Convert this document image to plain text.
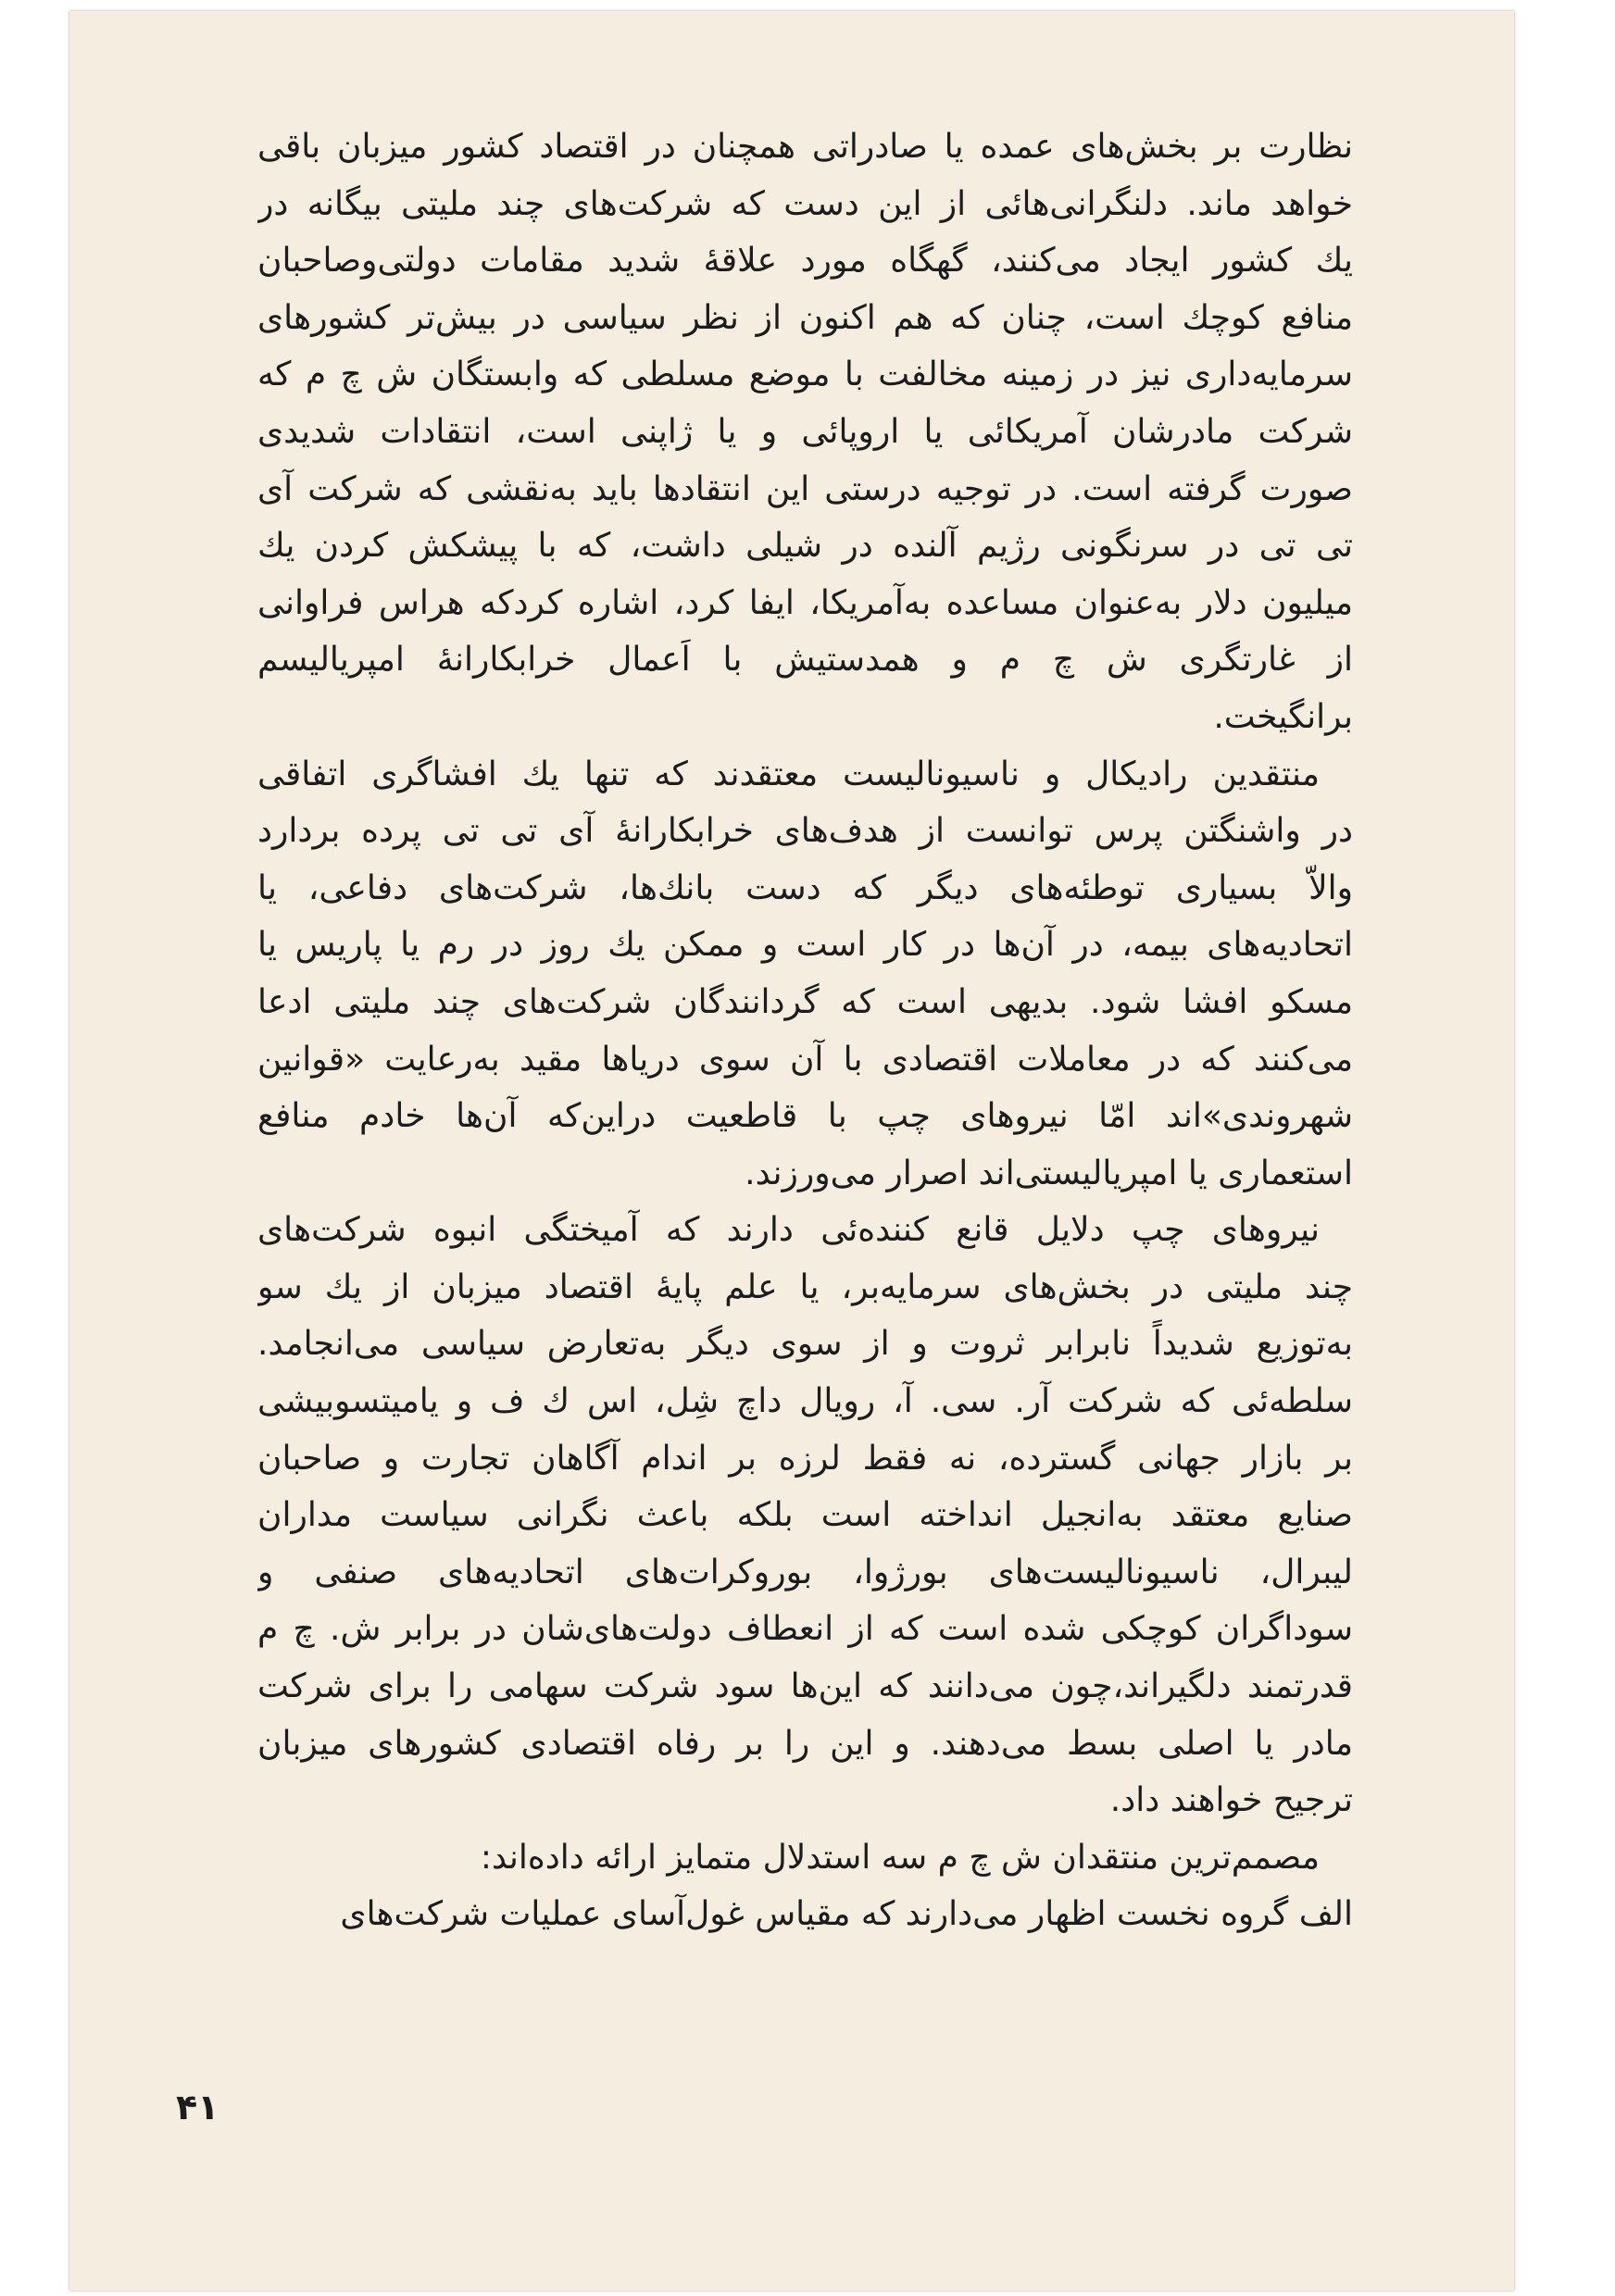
نظارت بر بخش‌های عمده یا صادراتی همچنان در اقتصاد کشور میزبان باقی
خواهد ماند. دلنگرانی‌هائی از این دست که شرکت‌های چند ملیتی بیگانه در
یك کشور ایجاد می‌کنند، گهگاه مورد علاقهٔ شدید مقامات دولتی‌وصاحبان
منافع کوچك است، چنان که هم اکنون از نظر سیاسی در بیش‌تر کشورهای
سرمایه‌داری نیز در زمینه مخالفت با موضع مسلطی که وابستگان ش چ م که
شرکت مادرشان آمریکائی یا اروپائی و یا ژاپنی است، انتقادات شدیدی
صورت گرفته است. در توجیه درستی این انتقادها باید به‌نقشی که شرکت آی
تی تی در سرنگونی رژیم آلنده در شیلی داشت، که با پیشکش کردن یك
میلیون دلار به‌عنوان مساعده به‌آمریکا، ایفا کرد، اشاره کردکه هراس فراوانی
از غارتگری ش چ م و همدستیش با اَعمال خرابکارانهٔ امپریالیسم
برانگیخت.
منتقدین رادیکال و ناسیونالیست معتقدند که تنها یك افشاگری اتفاقی
در واشنگتن پرس توانست از هدف‌های خرابکارانهٔ آی تی تی پرده بردارد
والاّ بسیاری توطئه‌های دیگر که دست بانك‌ها، شرکت‌های دفاعی، یا
اتحادیه‌های بیمه، در آن‌ها در کار است و ممکن یك روز در رم یا پاریس یا
مسکو افشا شود. بدیهی است که گردانندگان شرکت‌های چند ملیتی ادعا
می‌کنند که در معاملات اقتصادی با آن سوی دریاها مقید به‌رعایت «قوانین
شهروندی»اند امّا نیروهای چپ با قاطعیت دراین‌که آن‌ها خادم منافع
استعماری یا امپریالیستی‌اند اصرار می‌ورزند.
نیروهای چپ دلایل قانع کننده‌ئی دارند که آمیختگی انبوه شرکت‌های
چند ملیتی در بخش‌های سرمایه‌بر، یا علم پایهٔ اقتصاد میزبان از یك سو
به‌توزیع شدیداً نابرابر ثروت و از سوی دیگر به‌تعارض سیاسی می‌انجامد.
سلطه‌ئی که شرکت آر. سی. آ، رویال داچ شِل، اس ك ف و یامیتسوبیشی
بر بازار جهانی گسترده، نه فقط لرزه بر اندام آگاهان تجارت و صاحبان
صنایع معتقد به‌انجیل انداخته است بلکه باعث نگرانی سیاست مداران
لیبرال، ناسیونالیست‌های بورژوا، بوروکرات‌های اتحادیه‌های صنفی و
سوداگران کوچکی شده است که از انعطاف دولت‌های‌شان در برابر ش. چ م
قدرتمند دلگیراند،چون می‌دانند که این‌ها سود شرکت سهامی را برای شرکت
مادر یا اصلی بسط می‌دهند. و این را بر رفاه اقتصادی کشورهای میزبان
ترجیح خواهند داد.
مصمم‌ترین منتقدان ش چ م سه استدلال متمایز ارائه داده‌اند:
الف گروه نخست اظهار می‌دارند که مقیاس غول‌آسای عملیات شرکت‌های
۴۱
